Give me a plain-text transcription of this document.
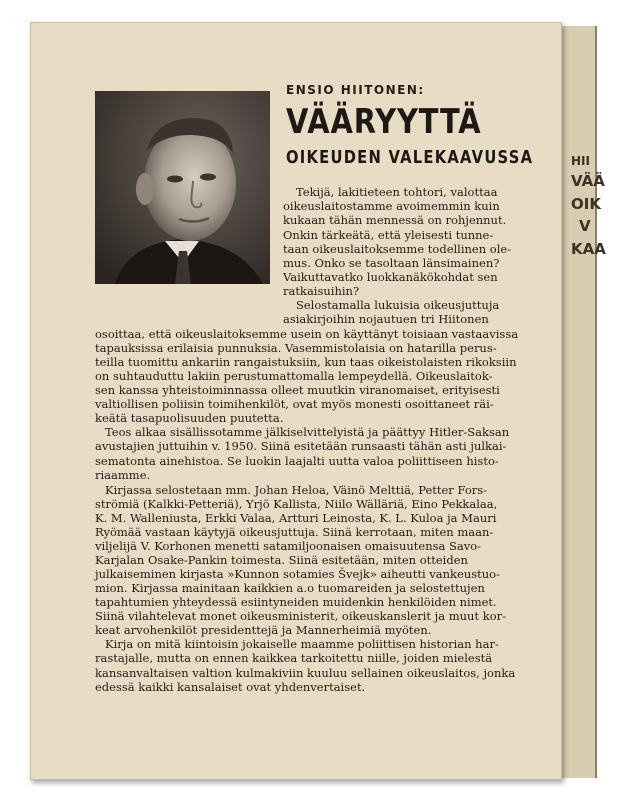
HII
VÄÄ
OIK
V
KAA
ENSIO HIITONEN:
VÄÄRYYTTÄ
OIKEUDEN VALEKAAVUSSA
Tekijä, lakitieteen tohtori, valottaa
oikeuslaitostamme avoimemmin kuin
kukaan tähän mennessä on rohjennut.
Onkin tärkeätä, että yleisesti tunne-
taan oikeuslaitoksemme todellinen ole-
mus. Onko se tasoltaan länsimainen?
Vaikuttavatko luokkanäkökohdat sen
ratkaisuihin?
Selostamalla lukuisia oikeusjuttuja
asiakirjoihin nojautuen tri Hiitonen
osoittaa, että oikeuslaitoksemme usein on käyttänyt toisiaan vastaavissa
tapauksissa erilaisia punnuksia. Vasemmistolaisia on hatarilla perus-
teilla tuomittu ankariin rangaistuksiin, kun taas oikeistolaisten rikoksiin
on suhtauduttu lakiin perustumattomalla lempeydellä. Oikeuslaitok-
sen kanssa yhteistoiminnassa olleet muutkin viranomaiset, erityisesti
valtiollisen poliisin toimihenkilöt, ovat myös monesti osoittaneet räi-
keätä tasapuolisuuden puutetta.
Teos alkaa sisällissotamme jälkiselvittelyistä ja päättyy Hitler-Saksan
avustajien juttuihin v. 1950. Siinä esitetään runsaasti tähän asti julkai-
sematonta ainehistoa. Se luokin laajalti uutta valoa poliittiseen histo-
riaamme.
Kirjassa selostetaan mm. Johan Heloa, Väinö Melttiä, Petter Fors-
strömiä (Kalkki-Petteriä), Yrjö Kallista, Niilo Wälläriä, Eino Pekkalaa,
K. M. Walleniusta, Erkki Valaa, Artturi Leinosta, K. L. Kuloa ja Mauri
Ryömää vastaan käytyjä oikeusjuttuja. Siinä kerrotaan, miten maan-
viljelijä V. Korhonen menetti satamiljoonaisen omaisuutensa Savo-
Karjalan Osake-Pankin toimesta. Siinä esitetään, miten otteiden
julkaiseminen kirjasta »Kunnon sotamies Švejk» aiheutti vankeustuo-
mion. Kirjassa mainitaan kaikkien a.o tuomareiden ja selostettujen
tapahtumien yhteydessä esiintyneiden muidenkin henkilöiden nimet.
Siinä vilahtelevat monet oikeusministerit, oikeuskanslerit ja muut kor-
keat arvohenkilöt presidenttejä ja Mannerheimiä myöten.
Kirja on mitä kiintoisin jokaiselle maamme poliittisen historian har-
rastajalle, mutta on ennen kaikkea tarkoitettu niille, joiden mielestä
kansanvaltaisen valtion kulmakiviin kuuluu sellainen oikeuslaitos, jonka
edessä kaikki kansalaiset ovat yhdenvertaiset.
